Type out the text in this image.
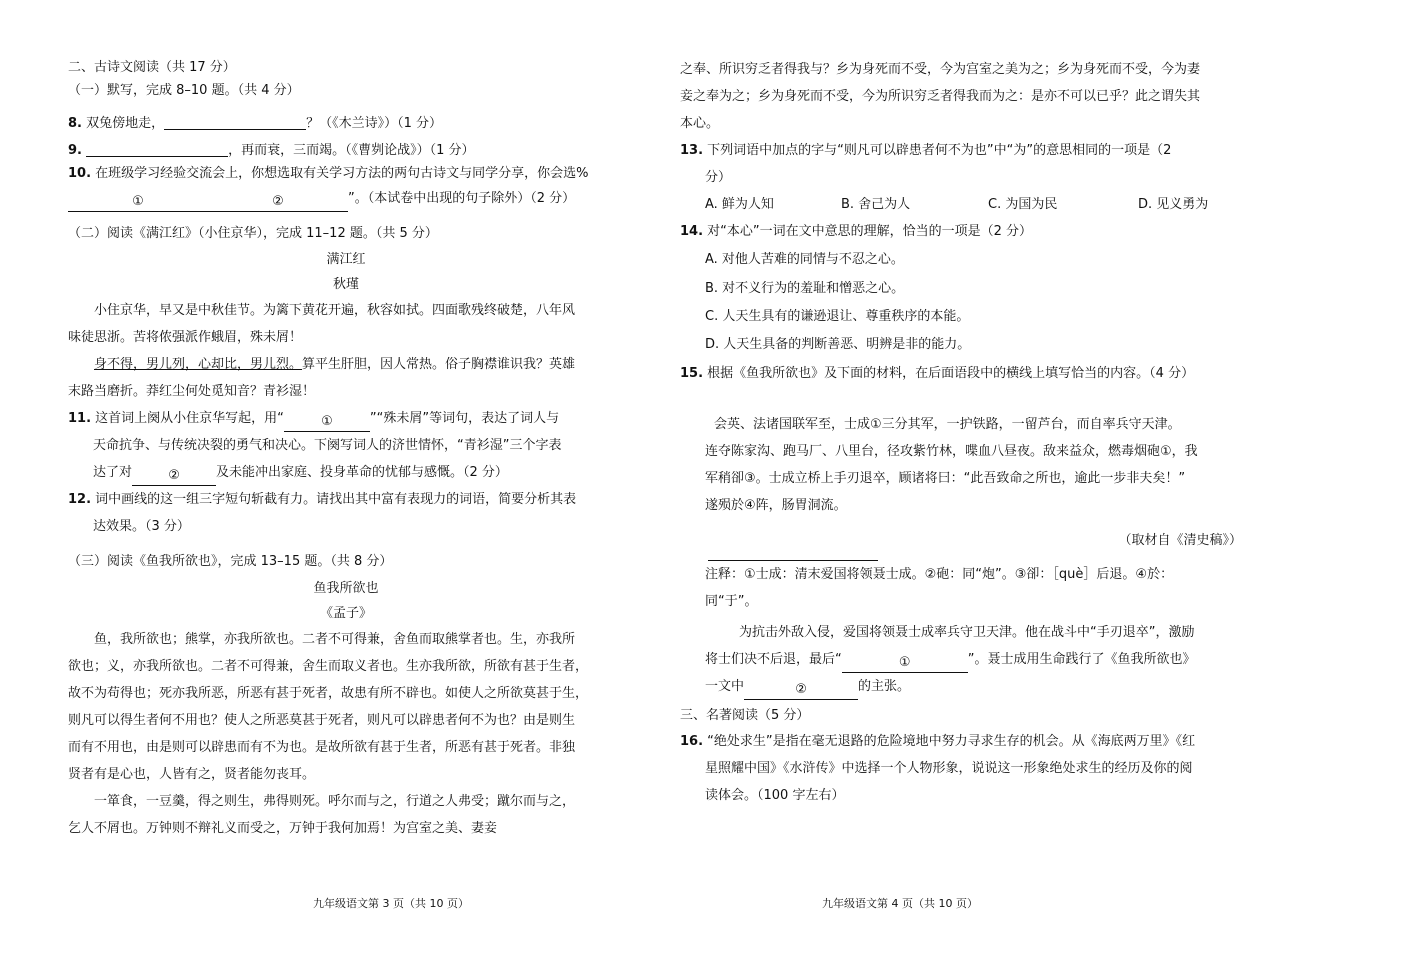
二、古诗文阅读（共 17 分）
（一）默写，完成 8–10 题。（共 4 分）
8. 双兔傍地走，	？（《木兰诗》）（1 分）
9.	，再而衰，三而竭。（《曹刿论战》）（1 分）
10. 在班级学习经验交流会上，你想选取有关学习方法的两句古诗文与同学分享，你会选%
①	②	”。（本试卷中出现的句子除外）（2 分）
（二）阅读《满江红》（小住京华），完成 11–12 题。（共 5 分）
满江红
秋瑾
小住京华，早又是中秋佳节。为篱下黄花开遍，秋容如拭。四面歌残终破楚，八年风
味徒思浙。苦将侬强派作蛾眉，殊未屑！
身不得，男儿列，心却比，男儿烈。算平生肝胆，因人常热。俗子胸襟谁识我？英雄
末路当磨折。莽红尘何处觅知音？青衫湿！
11. 这首词上阕从小住京华写起，用“	①	”“殊未屑”等词句，表达了词人与
天命抗争、与传统决裂的勇气和决心。下阕写词人的济世情怀，“青衫湿”三个字表
达了对	②	及未能冲出家庭、投身革命的忧郁与感慨。（2 分）
12. 词中画线的这一组三字短句斩截有力。请找出其中富有表现力的词语，简要分析其表
达效果。（3 分）
（三）阅读《鱼我所欲也》，完成 13–15 题。（共 8 分）
鱼我所欲也
《孟子》
鱼，我所欲也；熊掌，亦我所欲也。二者不可得兼，舍鱼而取熊掌者也。生，亦我所
欲也；义，亦我所欲也。二者不可得兼，舍生而取义者也。生亦我所欲，所欲有甚于生者，
故不为苟得也；死亦我所恶，所恶有甚于死者，故患有所不辟也。如使人之所欲莫甚于生，
则凡可以得生者何不用也？使人之所恶莫甚于死者，则凡可以辟患者何不为也？由是则生
而有不用也，由是则可以辟患而有不为也。是故所欲有甚于生者，所恶有甚于死者。非独
贤者有是心也，人皆有之，贤者能勿丧耳。
一箪食，一豆羹，得之则生，弗得则死。呼尔而与之，行道之人弗受；蹴尔而与之，
乞人不屑也。万钟则不辩礼义而受之，万钟于我何加焉！为宫室之美、妻妾
九年级语文第 3 页（共 10 页）
之奉、所识穷乏者得我与？乡为身死而不受，今为宫室之美为之；乡为身死而不受，今为妻
妾之奉为之；乡为身死而不受，今为所识穷乏者得我而为之：是亦不可以已乎？此之谓失其
本心。
13. 下列词语中加点的字与“则凡可以辟患者何不为也”中“为”的意思相同的一项是（2
分）
A. 鲜为人知	B. 舍己为人	C. 为国为民	D. 见义勇为
14. 对“本心”一词在文中意思的理解，恰当的一项是（2 分）
A. 对他人苦难的同情与不忍之心。
B. 对不义行为的羞耻和憎恶之心。
C. 人天生具有的谦逊退让、尊重秩序的本能。
D. 人天生具备的判断善恶、明辨是非的能力。
15. 根据《鱼我所欲也》及下面的材料，在后面语段中的横线上填写恰当的内容。（4 分）
会英、法诸国联军至，士成①三分其军，一护铁路，一留芦台，而自率兵守天津。
连夺陈家沟、跑马厂、八里台，径攻紫竹林，喋血八昼夜。敌来益众，燃毒烟砲①，我
军稍卻③。士成立桥上手刃退卒，顾诸将曰：“此吾致命之所也，逾此一步非夫矣！”
遂殒於④阵，肠胃洞流。
（取材自《清史稿》）
注释：①士成：清末爱国将领聂士成。②砲：同“炮”。③卻：［què］后退。④於：
同“于”。
为抗击外敌入侵，爱国将领聂士成率兵守卫天津。他在战斗中“手刃退卒”，激励
将士们决不后退，最后“	①	”。聂士成用生命践行了《鱼我所欲也》
一文中	②	的主张。
三、名著阅读（5 分）
16. “绝处求生”是指在毫无退路的危险境地中努力寻求生存的机会。从《海底两万里》《红
星照耀中国》《水浒传》中选择一个人物形象，说说这一形象绝处求生的经历及你的阅
读体会。（100 字左右）
九年级语文第 4 页（共 10 页）
